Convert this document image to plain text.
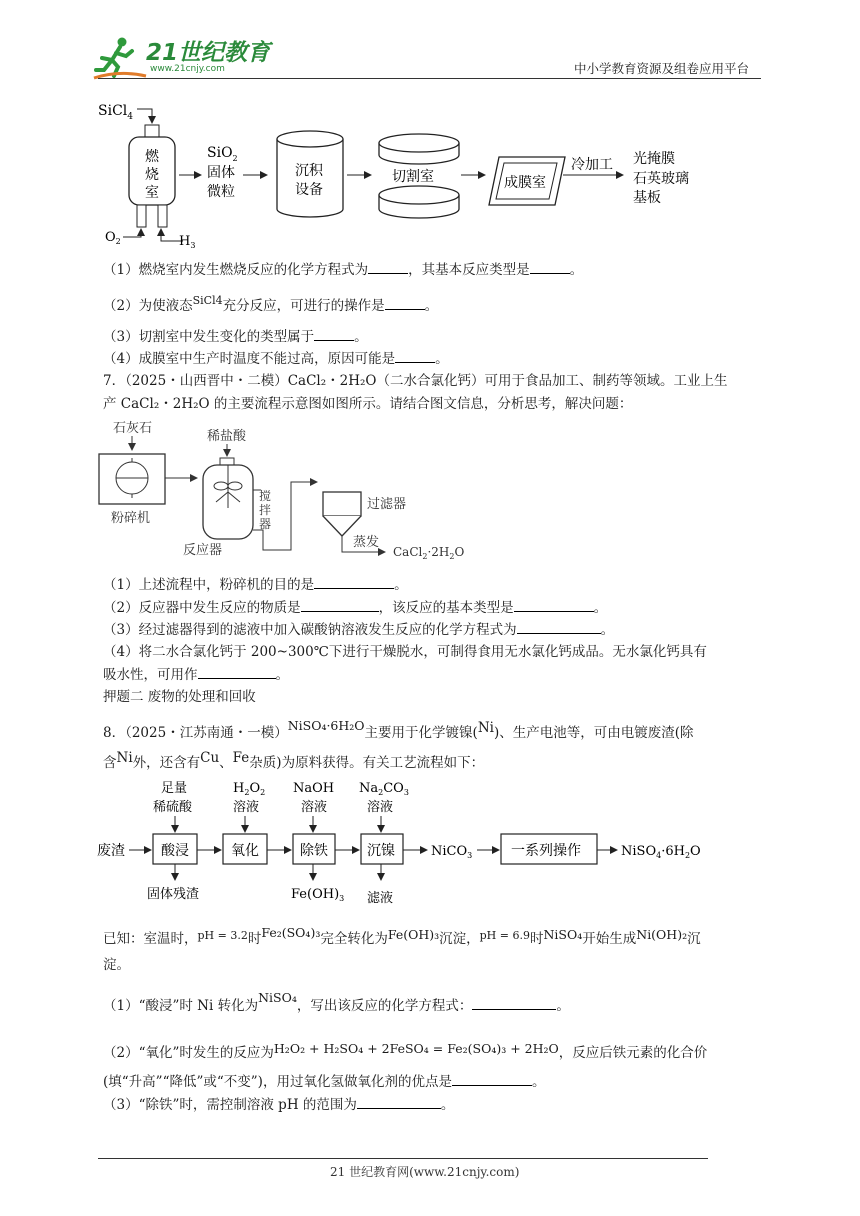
21世纪教育
www.21cnjy.com	中小学教育资源及组卷应用平台
SiCl$_4$
燃
烧
室
$O_2$	$H_3$
SiO$_2$
固体
微粒
沉积
设备
切割室	成膜室
冷加工 光掩膜
石英玻璃
基板
（1）燃烧室内发生燃烧反应的化学方程式为	，其基本反应类型是	。
（2）为使液态$^{SiCl4}$充分反应，可进行的操作是	。
（3）切割室中发生变化的类型属于	。
（4）成膜室中生产时温度不能过高，原因可能是	。
7．（2025・山西晋中・二模）CaCl₂・2H₂O（二水合氯化钙）可用于食品加工、制药等领域。工业上生
产 CaCl₂・2H₂O 的主要流程示意图如图所示。请结合图文信息，分析思考，解决问题：
石灰石
粉碎机
稀盐酸
搅
拌
器
反应器
过滤器
蒸发
$CaCl_2\cdot 2H_2O$
（1）上述流程中，粉碎机的目的是	。
（2）反应器中发生反应的物质是	，该反应的基本类型是	。
（3）经过滤器得到的滤液中加入碳酸钠溶液发生反应的化学方程式为	。
（4）将二水合氯化钙于 200~300℃下进行干燥脱水，可制得食用无水氯化钙成品。无水氯化钙具有
吸水性，可用作	。
押题二 废物的处理和回收
8．（2025・江苏南通・一模）NiSO₄·6H₂O主要用于化学镀镍(Ni)、生产电池等，可由电镀废渣(除
含Ni外，还含有Cu、Fe杂质)为原料获得。有关工艺流程如下：
足量
稀硫酸
$H_2O_2$
溶液
NaOH
溶液
$Na_2CO_3$
溶液
废渣	酸浸	氧化	除铁	沉镍	NiCO$_3$	一系列操作	$NiSO_4\cdot 6H_2O$
固体残渣	$Fe(OH)_3$ 滤液
已知：室温时，$^{pH = 3.2}$时Fe₂(SO₄)₃完全转化为Fe(OH)₃沉淀，$^{pH = 6.9}$时NiSO₄开始生成Ni(OH)₂沉
淀。
（1）“酸浸”时 Ni 转化为NiSO₄，写出该反应的化学方程式：	。
（2）“氧化”时发生的反应为H₂O₂ + H₂SO₄ + 2FeSO₄ = Fe₂(SO₄)₃ + 2H₂O，反应后铁元素的化合价
(填“升高”“降低”或“不变”)，用过氧化氢做氧化剂的优点是	。
（3）“除铁”时，需控制溶液 pH 的范围为	。
21 世纪教育网(www.21cnjy.com)
